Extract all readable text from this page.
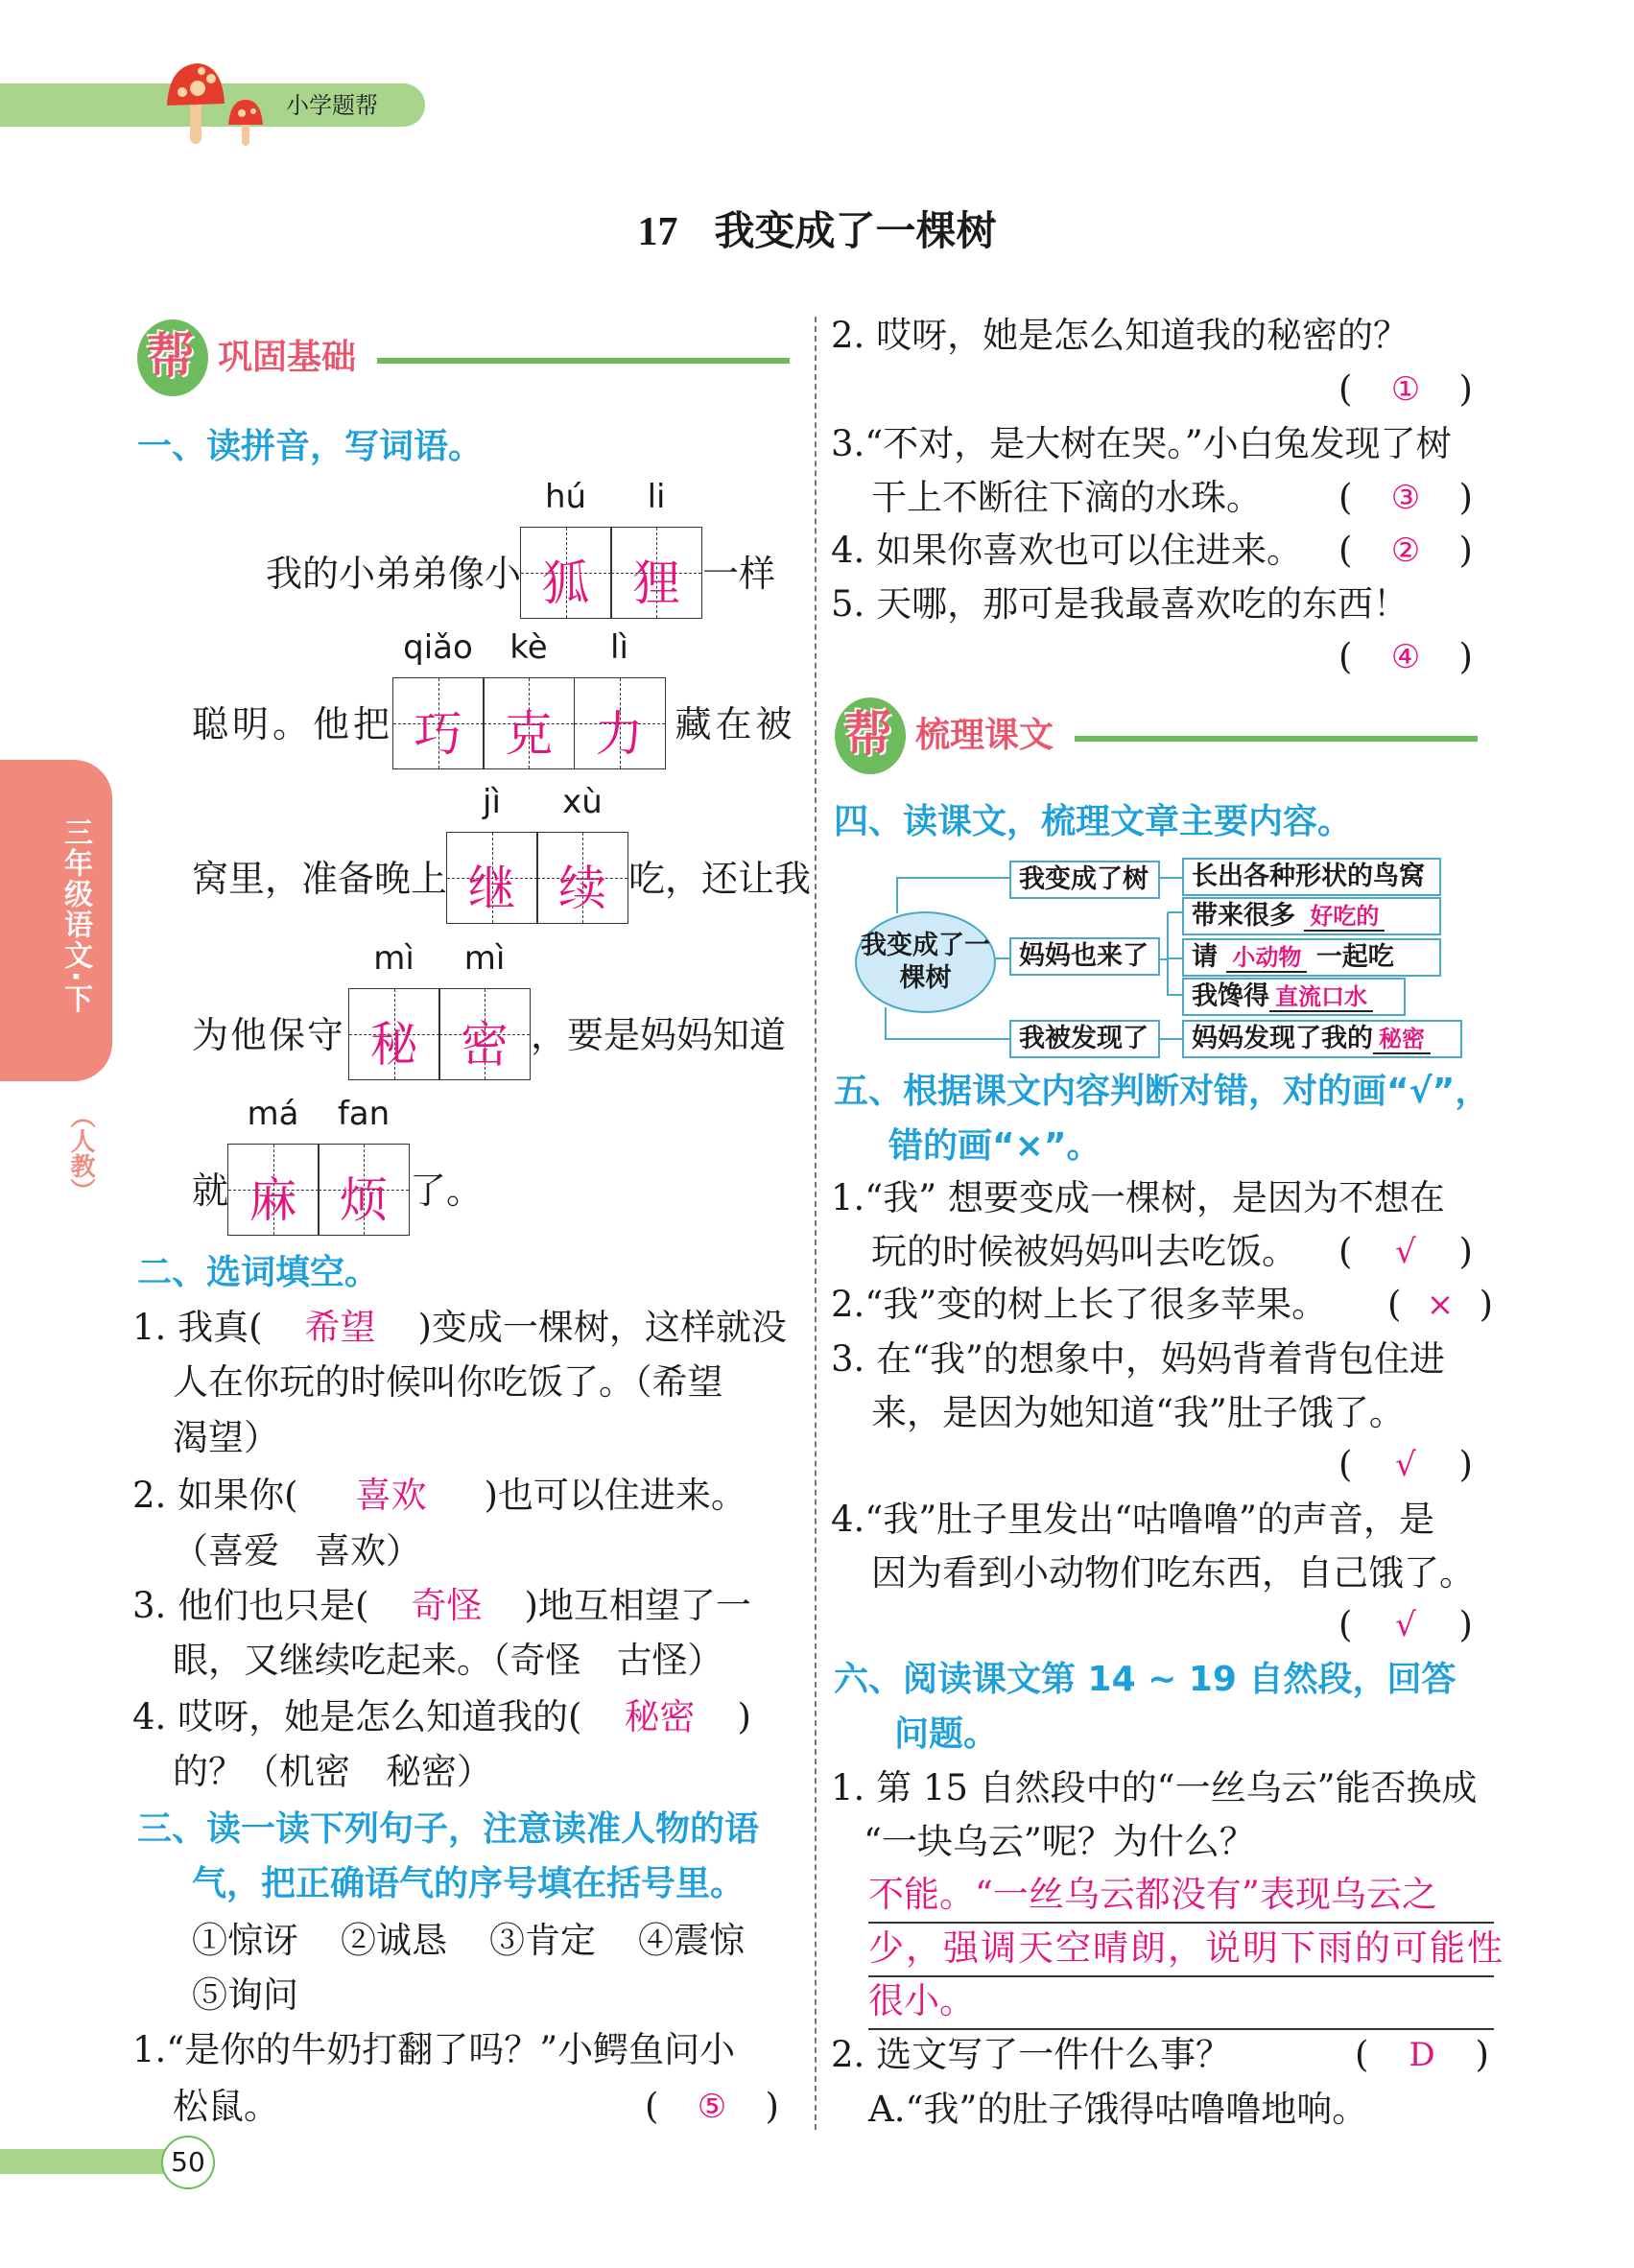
小学题帮
17 我变成了一棵树
三年级语文·下
（人教）
帮 巩固基础
一、读拼音，写词语。
我的小弟弟像小
hú
狐
li
狸 一样
聪明。他把
qiǎo
巧
kè
克
lì
力 藏在被
窝里，准备晚上
jì
继
xù
续 吃，还让我
为他保守
mì
秘
mì
密 ，要是妈妈知道
就
má
麻
fan
烦 了。
二、选词填空。
1. 我真( 希望 )变成一棵树，这样就没
人在你玩的时候叫你吃饭了。（希望
渴望）
2. 如果你( 喜欢 )也可以住进来。
（喜爱　喜欢）
3. 他们也只是( 奇怪 )地互相望了一
眼，又继续吃起来。（奇怪　古怪）
4. 哎呀，她是怎么知道我的( 秘密 )
的？（机密　秘密）
三、读一读下列句子，注意读准人物的语
气，把正确语气的序号填在括号里。
①惊讶 ②诚恳 ③肯定 ④震惊
⑤询问
1.“是你的牛奶打翻了吗？”小鳄鱼问小
松鼠。	( ⑤ )
50
2. 哎呀，她是怎么知道我的秘密的？
( ① )
3.“不对，是大树在哭。”小白兔发现了树
干上不断往下滴的水珠。 ( ③ )
4. 如果你喜欢也可以住进来。 ( ② )
5. 天哪，那可是我最喜欢吃的东西！
( ④ )
帮 梳理课文
四、读课文，梳理文章主要内容。
我变成了一棵树
我变成了树
妈妈也来了
我被发现了
长出各种形状的鸟窝
带来很多 好吃的
请 小动物 一起吃
我馋得 直流口水
妈妈发现了我的 秘密
五、根据课文内容判断对错，对的画“√”，
错的画“×”。
1.“我” 想要变成一棵树，是因为不想在
玩的时候被妈妈叫去吃饭。 ( √ )
2.“我”变的树上长了很多苹果。 ( × )
3. 在“我”的想象中，妈妈背着背包住进
来，是因为她知道“我”肚子饿了。
( √ )
4.“我”肚子里发出“咕噜噜”的声音，是
因为看到小动物们吃东西，自己饿了。
( √ )
六、阅读课文第 14 ~ 19 自然段，回答
问题。
1. 第 15 自然段中的“一丝乌云”能否换成
“一块乌云”呢？为什么？
不能。“一丝乌云都没有”表现乌云之
少，强调天空晴朗，说明下雨的可能性
很小。
2. 选文写了一件什么事？	( D )
A.“我”的肚子饿得咕噜噜地响。
